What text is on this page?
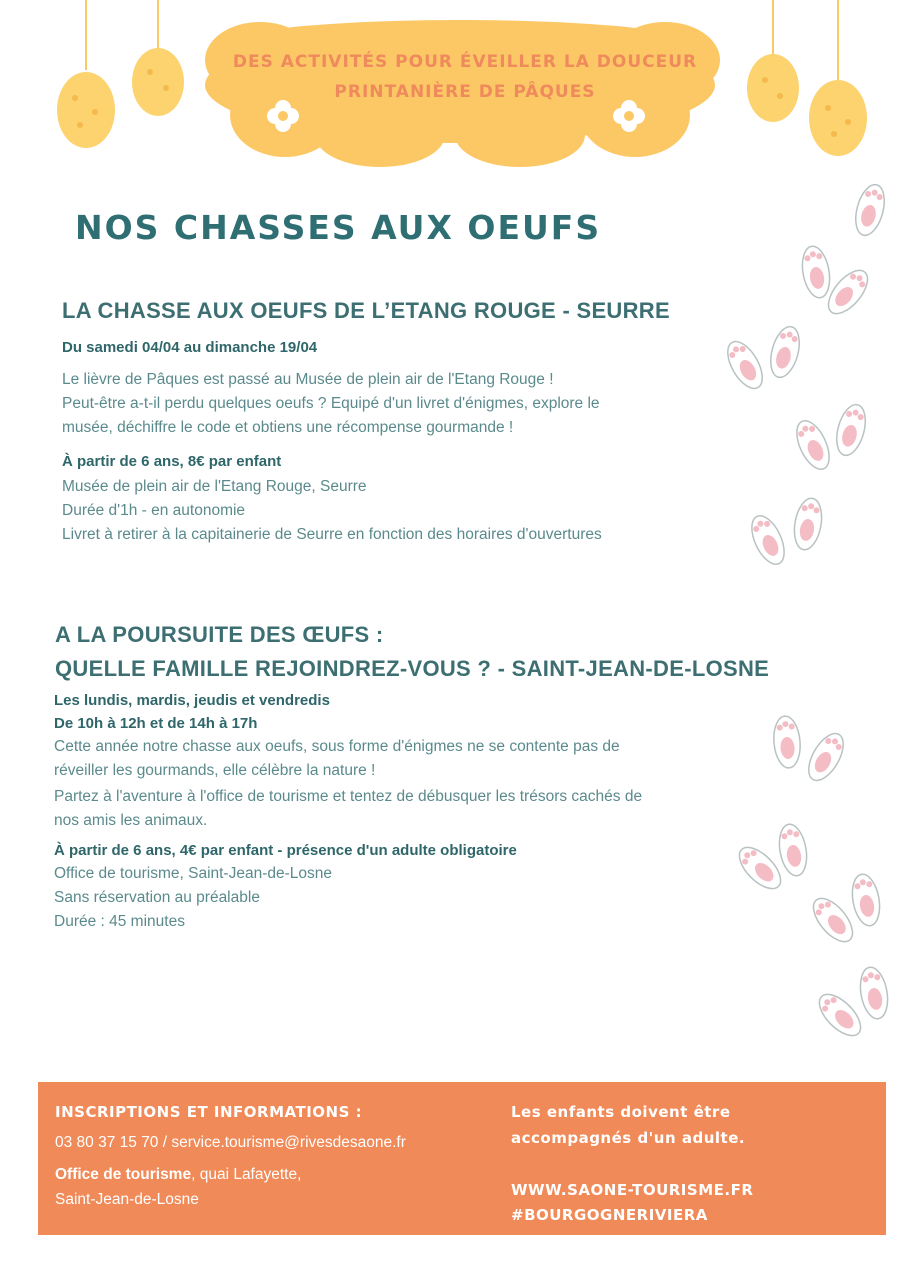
DES ACTIVITÉS POUR ÉVEILLER LA DOUCEUR
PRINTANIÈRE DE PÂQUES
NOS CHASSES AUX OEUFS
LA CHASSE AUX OEUFS DE L’ETANG ROUGE - SEURRE
Du samedi 04/04 au dimanche 19/04
Le lièvre de Pâques est passé au Musée de plein air de l'Etang Rouge !
Peut-être a-t-il perdu quelques oeufs ? Equipé d'un livret d'énigmes, explore le
musée, déchiffre le code et obtiens une récompense gourmande !
À partir de 6 ans, 8€ par enfant
Musée de plein air de l'Etang Rouge, Seurre
Durée d'1h - en autonomie
Livret à retirer à la capitainerie de Seurre en fonction des horaires d'ouvertures
A LA POURSUITE DES ŒUFS :
QUELLE FAMILLE REJOINDREZ-VOUS ? - SAINT-JEAN-DE-LOSNE
Les lundis, mardis, jeudis et vendredis
De 10h à 12h et de 14h à 17h
Cette année notre chasse aux oeufs, sous forme d'énigmes ne se contente pas de
réveiller les gourmands, elle célèbre la nature !
Partez à l'aventure à l'office de tourisme et tentez de débusquer les trésors cachés de
nos amis les animaux.
À partir de 6 ans, 4€ par enfant - présence d'un adulte obligatoire
Office de tourisme, Saint-Jean-de-Losne
Sans réservation au préalable
Durée : 45 minutes
INSCRIPTIONS ET INFORMATIONS :
03 80 37 15 70 / service.tourisme@rivesdesaone.fr
Office de tourisme, quai Lafayette,
Saint-Jean-de-Losne
Les enfants doivent être
accompagnés d'un adulte.
WWW.SAONE-TOURISME.FR
#BOURGOGNERIVIERA
